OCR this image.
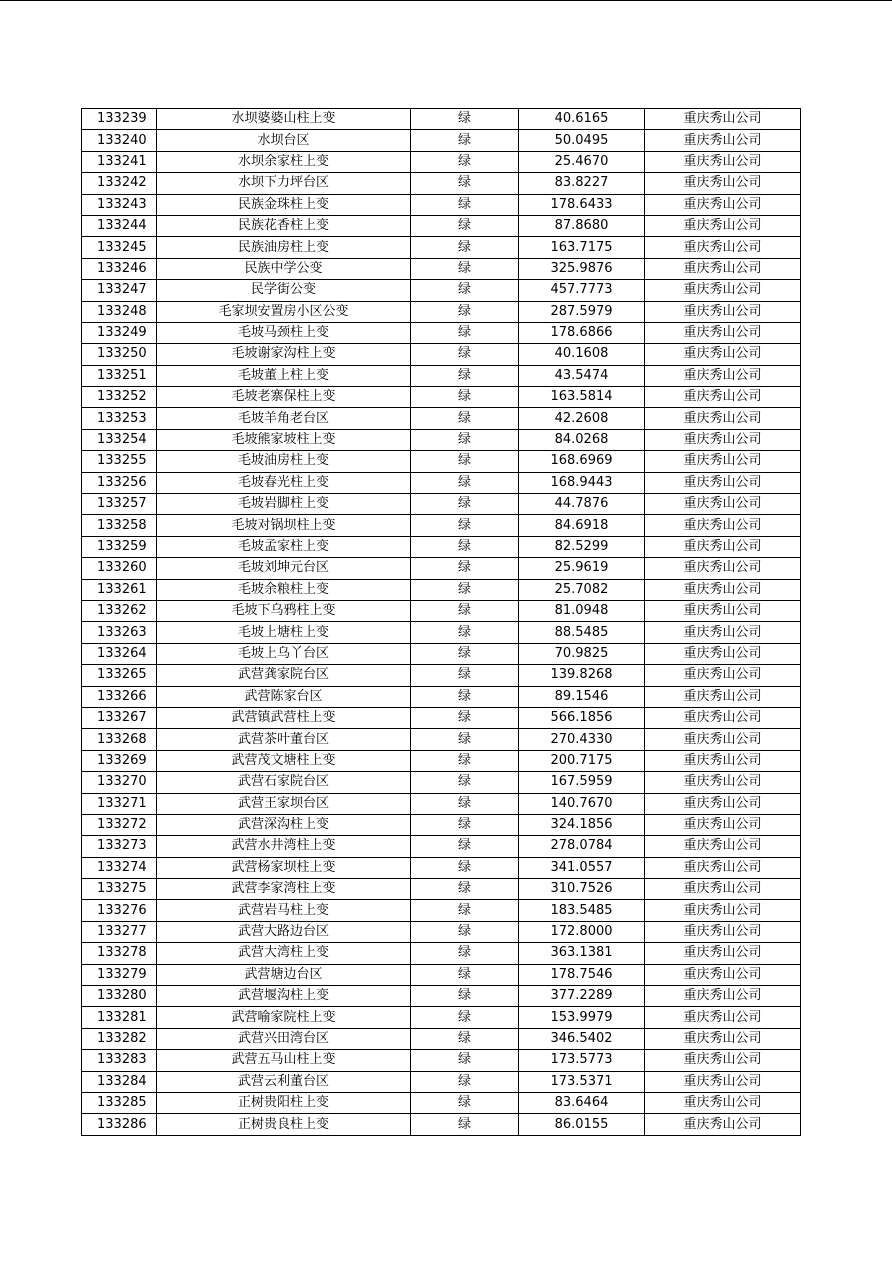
133239	水坝婆婆山柱上变	绿	40.6165	重庆秀山公司
133240	水坝台区	绿	50.0495	重庆秀山公司
133241	水坝余家柱上变	绿	25.4670	重庆秀山公司
133242	水坝下力坪台区	绿	83.8227	重庆秀山公司
133243	民族金珠柱上变	绿	178.6433	重庆秀山公司
133244	民族花香柱上变	绿	87.8680	重庆秀山公司
133245	民族油房柱上变	绿	163.7175	重庆秀山公司
133246	民族中学公变	绿	325.9876	重庆秀山公司
133247	民学街公变	绿	457.7773	重庆秀山公司
133248	毛家坝安置房小区公变	绿	287.5979	重庆秀山公司
133249	毛坡马颈柱上变	绿	178.6866	重庆秀山公司
133250	毛坡谢家沟柱上变	绿	40.1608	重庆秀山公司
133251	毛坡董上柱上变	绿	43.5474	重庆秀山公司
133252	毛坡老寨保柱上变	绿	163.5814	重庆秀山公司
133253	毛坡羊角老台区	绿	42.2608	重庆秀山公司
133254	毛坡熊家坡柱上变	绿	84.0268	重庆秀山公司
133255	毛坡油房柱上变	绿	168.6969	重庆秀山公司
133256	毛坡春光柱上变	绿	168.9443	重庆秀山公司
133257	毛坡岩脚柱上变	绿	44.7876	重庆秀山公司
133258	毛坡对锅坝柱上变	绿	84.6918	重庆秀山公司
133259	毛坡孟家柱上变	绿	82.5299	重庆秀山公司
133260	毛坡刘坤元台区	绿	25.9619	重庆秀山公司
133261	毛坡余粮柱上变	绿	25.7082	重庆秀山公司
133262	毛坡下乌鸦柱上变	绿	81.0948	重庆秀山公司
133263	毛坡上塘柱上变	绿	88.5485	重庆秀山公司
133264	毛坡上乌丫台区	绿	70.9825	重庆秀山公司
133265	武营龚家院台区	绿	139.8268	重庆秀山公司
133266	武营陈家台区	绿	89.1546	重庆秀山公司
133267	武营镇武营柱上变	绿	566.1856	重庆秀山公司
133268	武营茶叶董台区	绿	270.4330	重庆秀山公司
133269	武营茂文塘柱上变	绿	200.7175	重庆秀山公司
133270	武营石家院台区	绿	167.5959	重庆秀山公司
133271	武营王家坝台区	绿	140.7670	重庆秀山公司
133272	武营深沟柱上变	绿	324.1856	重庆秀山公司
133273	武营水井湾柱上变	绿	278.0784	重庆秀山公司
133274	武营杨家坝柱上变	绿	341.0557	重庆秀山公司
133275	武营李家湾柱上变	绿	310.7526	重庆秀山公司
133276	武营岩马柱上变	绿	183.5485	重庆秀山公司
133277	武营大路边台区	绿	172.8000	重庆秀山公司
133278	武营大湾柱上变	绿	363.1381	重庆秀山公司
133279	武营塘边台区	绿	178.7546	重庆秀山公司
133280	武营堰沟柱上变	绿	377.2289	重庆秀山公司
133281	武营喻家院柱上变	绿	153.9979	重庆秀山公司
133282	武营兴田湾台区	绿	346.5402	重庆秀山公司
133283	武营五马山柱上变	绿	173.5773	重庆秀山公司
133284	武营云利董台区	绿	173.5371	重庆秀山公司
133285	正树贵阳柱上变	绿	83.6464	重庆秀山公司
133286	正树贵良柱上变	绿	86.0155	重庆秀山公司
